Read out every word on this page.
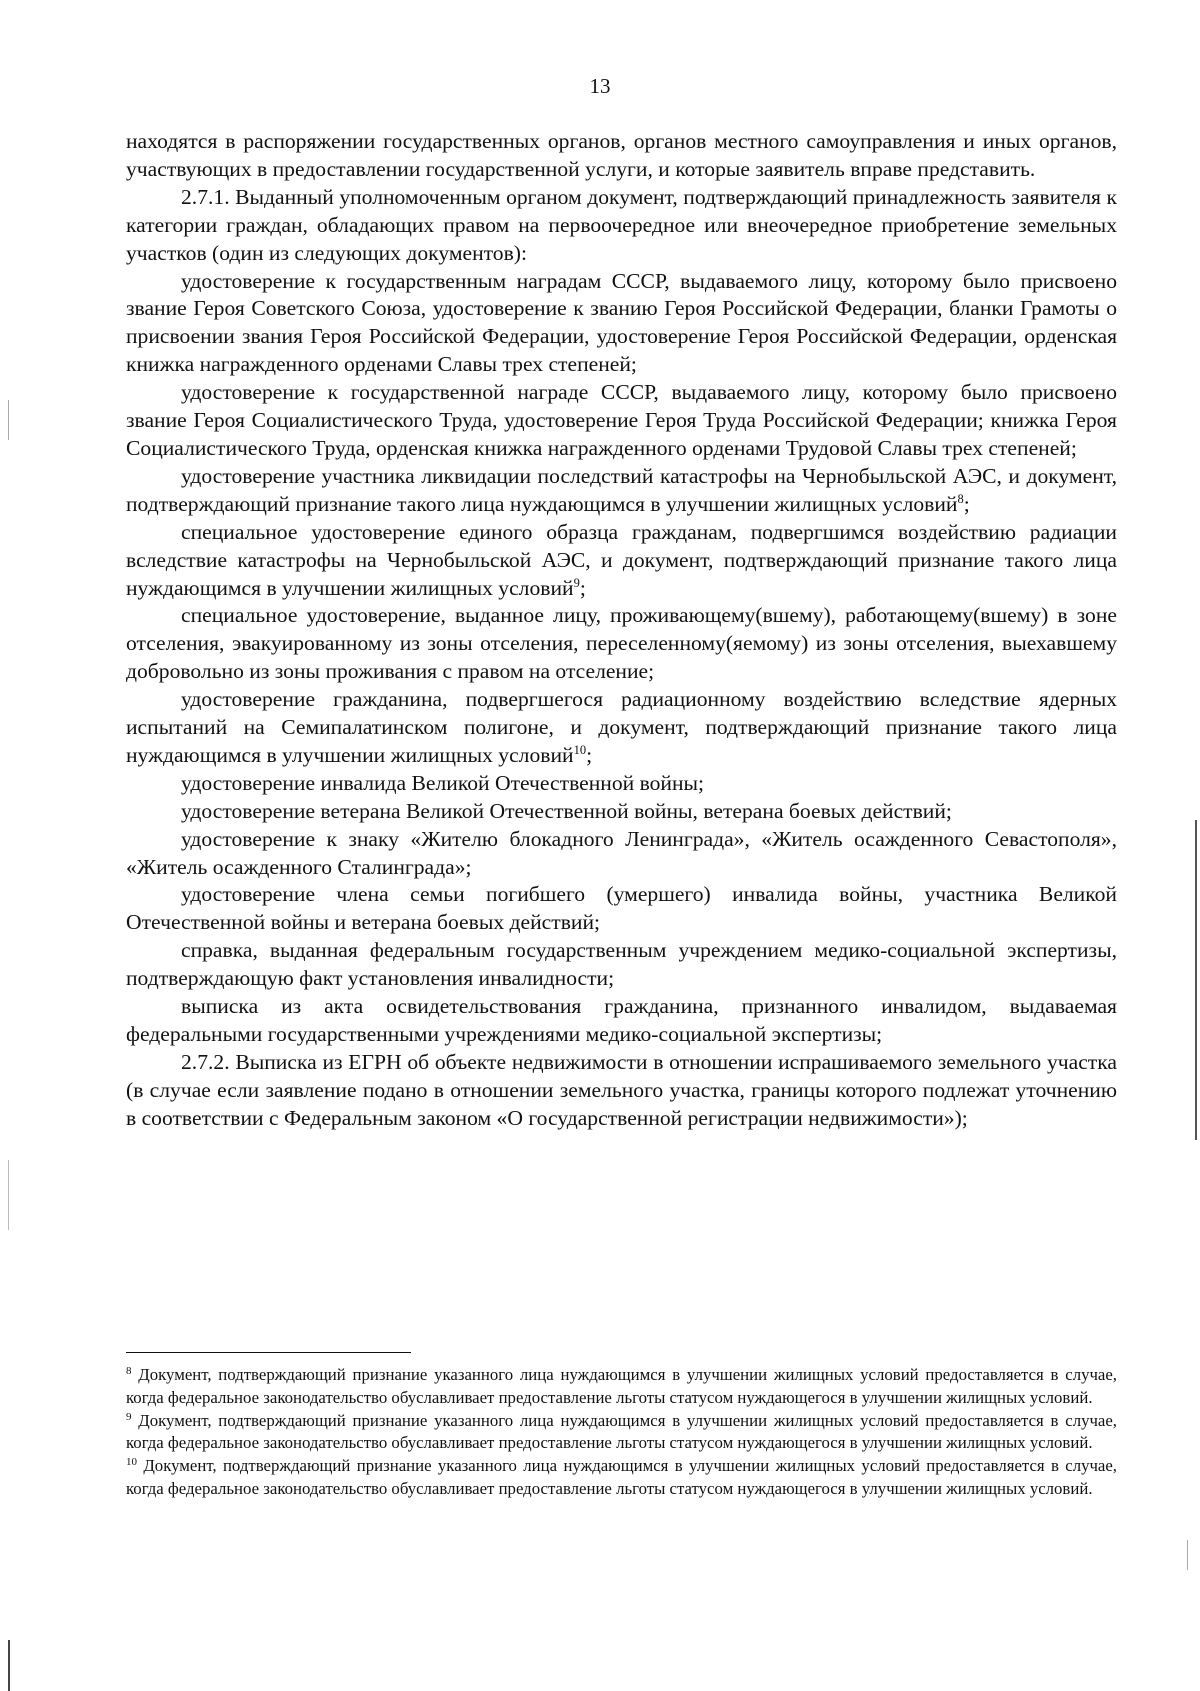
13

находятся в распоряжении государственных органов, органов местного самоуправления и иных органов, участвующих в предоставлении государственной услуги, и которые заявитель вправе представить.

2.7.1. Выданный уполномоченным органом документ, подтверждающий принадлежность заявителя к категории граждан, обладающих правом на первоочередное или внеочередное приобретение земельных участков (один из следующих документов):

удостоверение к государственным наградам СССР, выдаваемого лицу, которому было присвоено звание Героя Советского Союза, удостоверение к званию Героя Российской Федерации, бланки Грамоты о присвоении звания Героя Российской Федерации, удостоверение Героя Российской Федерации, орденская книжка награжденного орденами Славы трех степеней;

удостоверение к государственной награде СССР, выдаваемого лицу, которому было присвоено звание Героя Социалистического Труда, удостоверение Героя Труда Российской Федерации; книжка Героя Социалистического Труда, орденская книжка награжденного орденами Трудовой Славы трех степеней;

удостоверение участника ликвидации последствий катастрофы на Чернобыльской АЭС, и документ, подтверждающий признание такого лица нуждающимся в улучшении жилищных условий$^8$;

специальное удостоверение единого образца гражданам, подвергшимся воздействию радиации вследствие катастрофы на Чернобыльской АЭС, и документ, подтверждающий признание такого лица нуждающимся в улучшении жилищных условий$^9$;

специальное удостоверение, выданное лицу, проживающему(вшему), работающему(вшему) в зоне отселения, эвакуированному из зоны отселения, переселенному(яемому) из зоны отселения, выехавшему добровольно из зоны проживания с правом на отселение;

удостоверение гражданина, подвергшегося радиационному воздействию вследствие ядерных испытаний на Семипалатинском полигоне, и документ, подтверждающий признание такого лица нуждающимся в улучшении жилищных условий$^{10}$;

удостоверение инвалида Великой Отечественной войны;

удостоверение ветерана Великой Отечественной войны, ветерана боевых действий;

удостоверение к знаку «Жителю блокадного Ленинграда», «Житель осажденного Севастополя», «Житель осажденного Сталинграда»;

удостоверение члена семьи погибшего (умершего) инвалида войны, участника Великой Отечественной войны и ветерана боевых действий;

справка, выданная федеральным государственным учреждением медико-социальной экспертизы, подтверждающую факт установления инвалидности;

выписка из акта освидетельствования гражданина, признанного инвалидом, выдаваемая федеральными государственными учреждениями медико-социальной экспертизы;

2.7.2. Выписка из ЕГРН об объекте недвижимости в отношении испрашиваемого земельного участка (в случае если заявление подано в отношении земельного участка, границы которого подлежат уточнению в соответствии с Федеральным законом «О государственной регистрации недвижимости»);

$^8$ Документ, подтверждающий признание указанного лица нуждающимся в улучшении жилищных условий предоставляется в случае, когда федеральное законодательство обуславливает предоставление льготы статусом нуждающегося в улучшении жилищных условий.

$^9$ Документ, подтверждающий признание указанного лица нуждающимся в улучшении жилищных условий предоставляется в случае, когда федеральное законодательство обуславливает предоставление льготы статусом нуждающегося в улучшении жилищных условий.

$^{10}$ Документ, подтверждающий признание указанного лица нуждающимся в улучшении жилищных условий предоставляется в случае, когда федеральное законодательство обуславливает предоставление льготы статусом нуждающегося в улучшении жилищных условий.
